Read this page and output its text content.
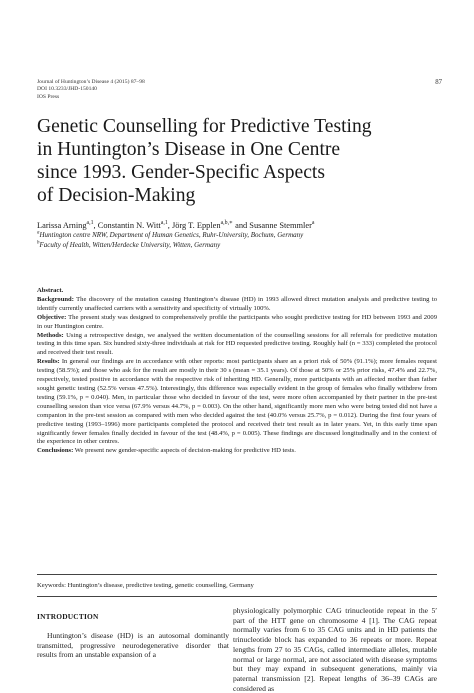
Journal of Huntington’s Disease 4 (2015) 87–98
DOI 10.3233/JHD-150140
IOS Press
87
Genetic Counselling for Predictive Testing
in Huntington’s Disease in One Centre
since 1993. Gender-Specific Aspects
of Decision-Making
Larissa Arning$^{a,1}$, Constantin N. Witt$^{a,1}$, Jörg T. Epplen$^{a,b,∗}$ and Susanne Stemmler$^a$
$^a$Huntington centre NRW, Department of Human Genetics, Ruhr-University, Bochum, Germany
$^b$Faculty of Health, Witten/Herdecke University, Witten, Germany

Abstract.

Background: The discovery of the mutation causing Huntington’s disease (HD) in 1993 allowed direct mutation analysis and predictive testing to identify currently unaffected carriers with a sensitivity and specificity of virtually 100%.

Objective: The present study was designed to comprehensively profile the participants who sought predictive testing for HD between 1993 and 2009 in our Huntington centre.

Methods: Using a retrospective design, we analysed the written documentation of the counselling sessions for all referrals for predictive mutation testing in this time span. Six hundred sixty-three individuals at risk for HD requested predictive testing. Roughly half (n = 333) completed the protocol and received their test result.

Results: In general our findings are in accordance with other reports: most participants share an a priori risk of 50% (91.1%); more females request testing (58.5%); and those who ask for the result are mostly in their 30 s (mean = 35.1 years). Of those at 50% or 25% prior risks, 47.4% and 22.7%, respectively, tested positive in accordance with the respective risk of inheriting HD. Generally, more participants with an affected mother than father sought genetic testing (52.5% versus 47.5%). Interestingly, this difference was especially evident in the group of females who finally withdrew from testing (59.1%, p = 0.040). Men, in particular those who decided in favour of the test, were more often accompanied by their partner in the pre-test counselling session than vice versa (67.9% versus 44.7%, p = 0.003). On the other hand, significantly more men who were being tested did not have a companion in the pre-test session as compared with men who decided against the test (40.0% versus 25.7%, p = 0.012). During the first four years of predictive testing (1993–1996) more participants completed the protocol and received their test result as in later years. Yet, in this early time span significantly fewer females finally decided in favour of the test (48.4%, p = 0.005). These findings are discussed longitudinally and in the context of the experience in other centres.

Conclusions: We present new gender-specific aspects of decision-making for predictive HD tests.

Keywords: Huntington’s disease, predictive testing, genetic counselling, Germany
INTRODUCTION

Huntington’s disease (HD) is an autosomal dominantly transmitted, progressive neurodegenerative disorder that results from an unstable expansion of a

physiologically polymorphic CAG trinucleotide repeat in the 5′ part of the HTT gene on chromosome 4 [1]. The CAG repeat normally varies from 6 to 35 CAG units and in HD patients the trinucleotide block has expanded to 36 repeats or more. Repeat lengths from 27 to 35 CAGs, called intermediate alleles, mutable normal or large normal, are not associated with disease symptoms but they may expand in subsequent generations, mainly via paternal transmission [2]. Repeat lengths of 36–39 CAGs are considered as
